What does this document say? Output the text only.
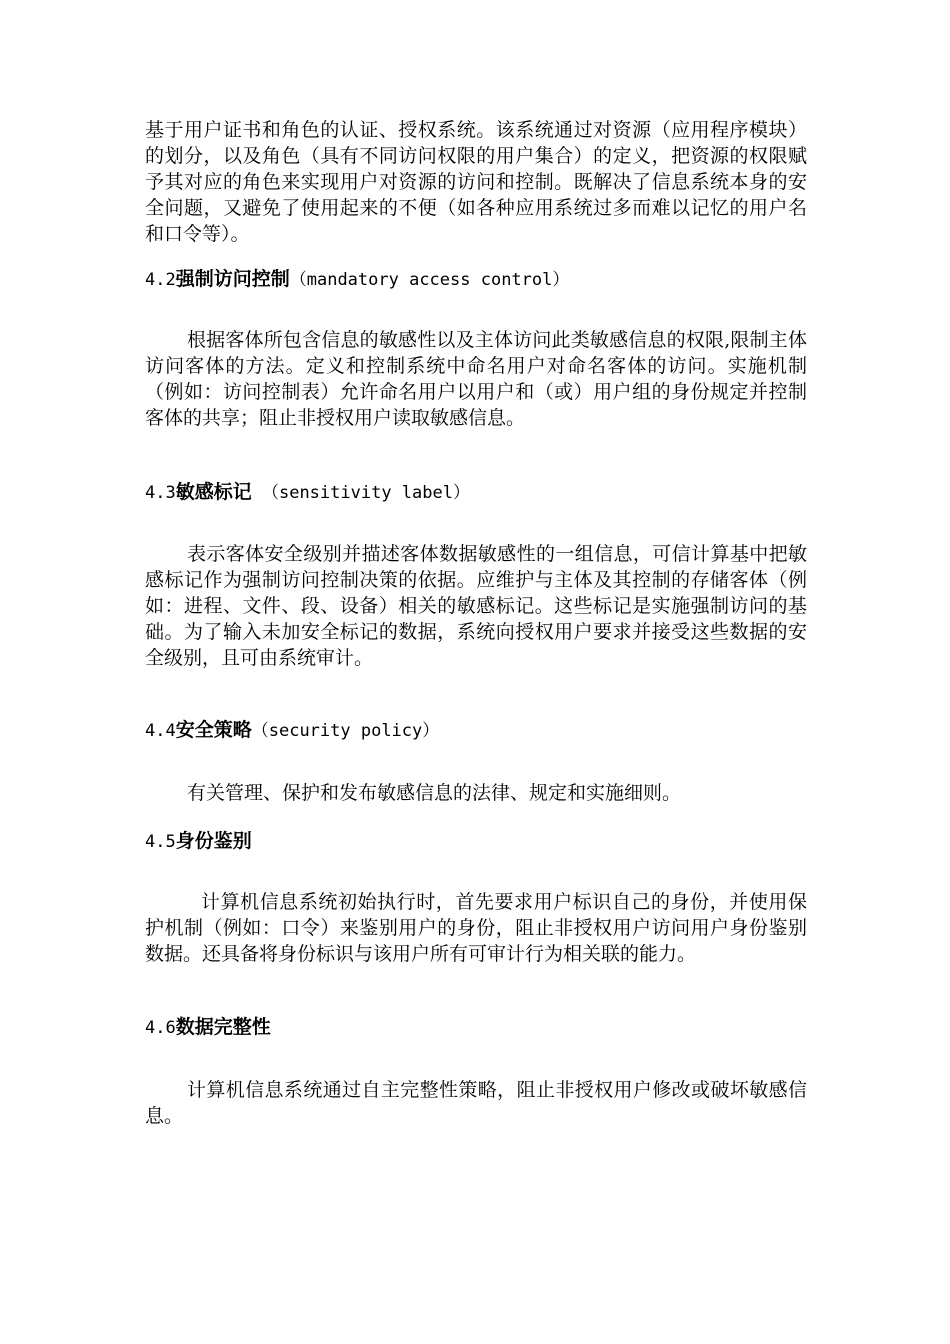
基于用户证书和角色的认证、授权系统。该系统通过对资源（应用程序模块）的划分，以及角色（具有不同访问权限的用户集合）的定义，把资源的权限赋予其对应的角色来实现用户对资源的访问和控制。既解决了信息系统本身的安全问题，又避免了使用起来的不便（如各种应用系统过多而难以记忆的用户名和口令等）。

4.2强制访问控制（mandatory access control）

根据客体所包含信息的敏感性以及主体访问此类敏感信息的权限,限制主体访问客体的方法。定义和控制系统中命名用户对命名客体的访问。实施机制（例如：访问控制表）允许命名用户以用户和（或）用户组的身份规定并控制客体的共享；阻止非授权用户读取敏感信息。

4.3敏感标记 （sensitivity label）

表示客体安全级别并描述客体数据敏感性的一组信息，可信计算基中把敏感标记作为强制访问控制决策的依据。应维护与主体及其控制的存储客体（例如：进程、文件、段、设备）相关的敏感标记。这些标记是实施强制访问的基础。为了输入未加安全标记的数据，系统向授权用户要求并接受这些数据的安全级别，且可由系统审计。

4.4安全策略（security policy）

有关管理、保护和发布敏感信息的法律、规定和实施细则。

4.5身份鉴别

计算机信息系统初始执行时，首先要求用户标识自己的身份，并使用保护机制（例如：口令）来鉴别用户的身份，阻止非授权用户访问用户身份鉴别数据。还具备将身份标识与该用户所有可审计行为相关联的能力。

4.6数据完整性

计算机信息系统通过自主完整性策略，阻止非授权用户修改或破坏敏感信息。
